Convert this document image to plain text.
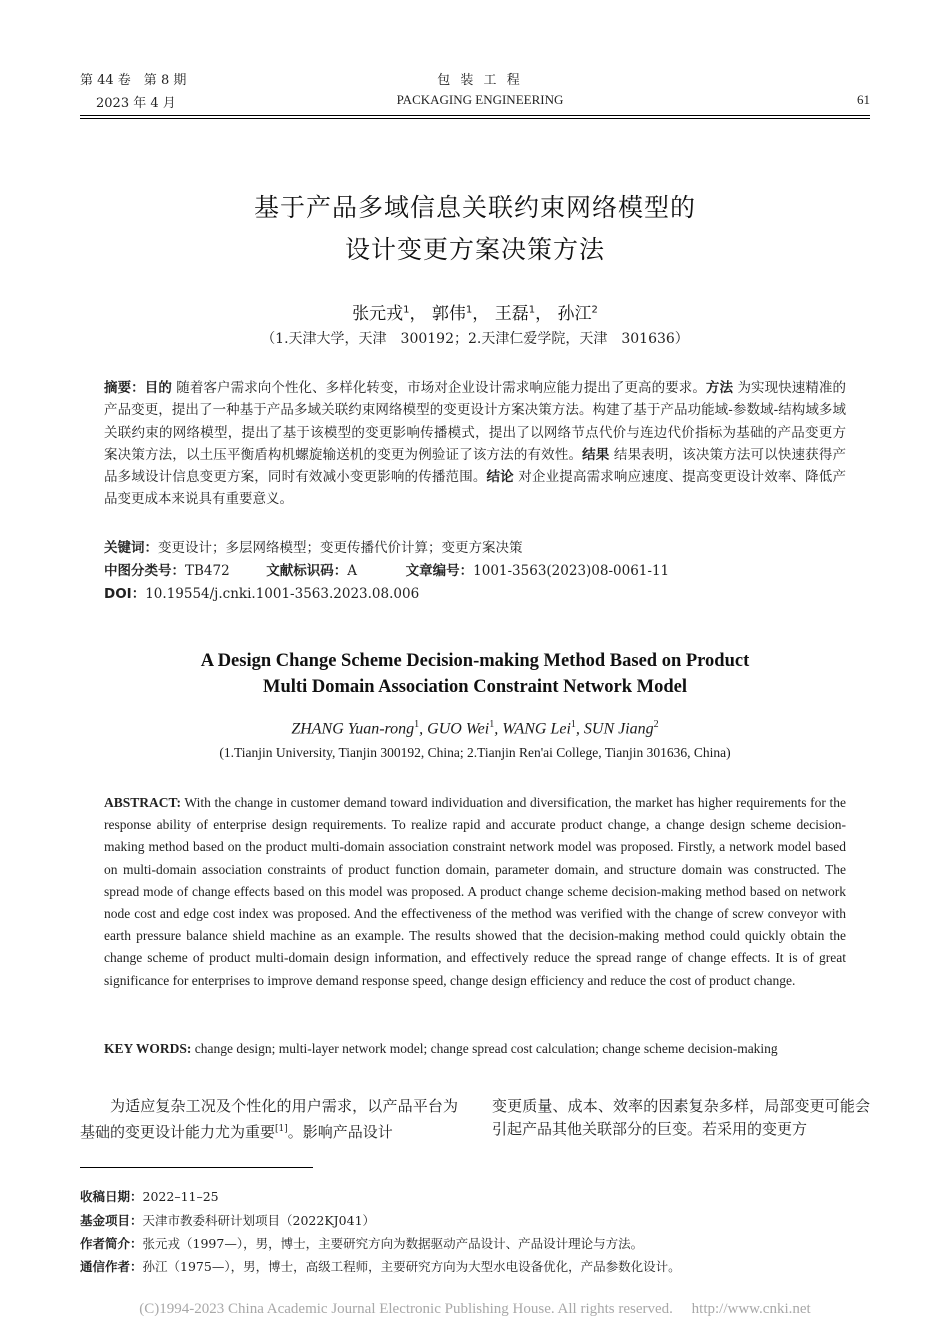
第 44 卷　第 8 期
2023 年 4 月
包 装 工 程
PACKAGING ENGINEERING	61
基于产品多域信息关联约束网络模型的
设计变更方案决策方法
张元戎$^1$， 郭伟$^1$， 王磊$^1$， 孙江$^2$
（1.天津大学，天津　300192；2.天津仁爱学院，天津　301636）
摘要：目的 随着客户需求向个性化、多样化转变，市场对企业设计需求响应能力提出了更高的要求。方法 为实现快速精准的产品变更，提出了一种基于产品多域关联约束网络模型的变更设计方案决策方法。构建了基于产品功能域-参数域-结构域多域关联约束的网络模型，提出了基于该模型的变更影响传播模式，提出了以网络节点代价与连边代价指标为基础的产品变更方案决策方法，以土压平衡盾构机螺旋输送机的变更为例验证了该方法的有效性。结果 结果表明，该决策方法可以快速获得产品多域设计信息变更方案，同时有效减小变更影响的传播范围。结论 对企业提高需求响应速度、提高变更设计效率、降低产品变更成本来说具有重要意义。
关键词：变更设计；多层网络模型；变更传播代价计算；变更方案决策
中图分类号：TB472	文献标识码：A	文章编号：1001-3563(2023)08-0061-11
DOI：10.19554/j.cnki.1001-3563.2023.08.006
A Design Change Scheme Decision-making Method Based on Product
Multi Domain Association Constraint Network Model
ZHANG Yuan-rong$^1$, GUO Wei$^1$, WANG Lei$^1$, SUN Jiang$^2$
(1.Tianjin University, Tianjin 300192, China; 2.Tianjin Ren'ai College, Tianjin 301636, China)
ABSTRACT: With the change in customer demand toward individuation and diversification, the market has higher requirements for the response ability of enterprise design requirements. To realize rapid and accurate product change, a change design scheme decision-making method based on the product multi-domain association constraint network model was proposed. Firstly, a network model based on multi-domain association constraints of product function domain, parameter domain, and structure domain was constructed. The spread mode of change effects based on this model was proposed. A product change scheme decision-making method based on network node cost and edge cost index was proposed. And the effectiveness of the method was verified with the change of screw conveyor with earth pressure balance shield machine as an example. The results showed that the decision-making method could quickly obtain the change scheme of product multi-domain design information, and effectively reduce the spread range of change effects. It is of great significance for enterprises to improve demand response speed, change design efficiency and reduce the cost of product change.
KEY WORDS: change design; multi-layer network model; change spread cost calculation; change scheme decision-making
为适应复杂工况及个性化的用户需求，以产品平台为基础的变更设计能力尤为重要[1]。影响产品设计
变更质量、成本、效率的因素复杂多样，局部变更可能会引起产品其他关联部分的巨变。若采用的变更方
收稿日期：2022–11–25
基金项目：天津市教委科研计划项目（2022KJ041）
作者简介：张元戎（1997—），男，博士，主要研究方向为数据驱动产品设计、产品设计理论与方法。
通信作者：孙江（1975—），男，博士，高级工程师，主要研究方向为大型水电设备优化，产品参数化设计。
(C)1994-2023 China Academic Journal Electronic Publishing House. All rights reserved.　 http://www.cnki.net
